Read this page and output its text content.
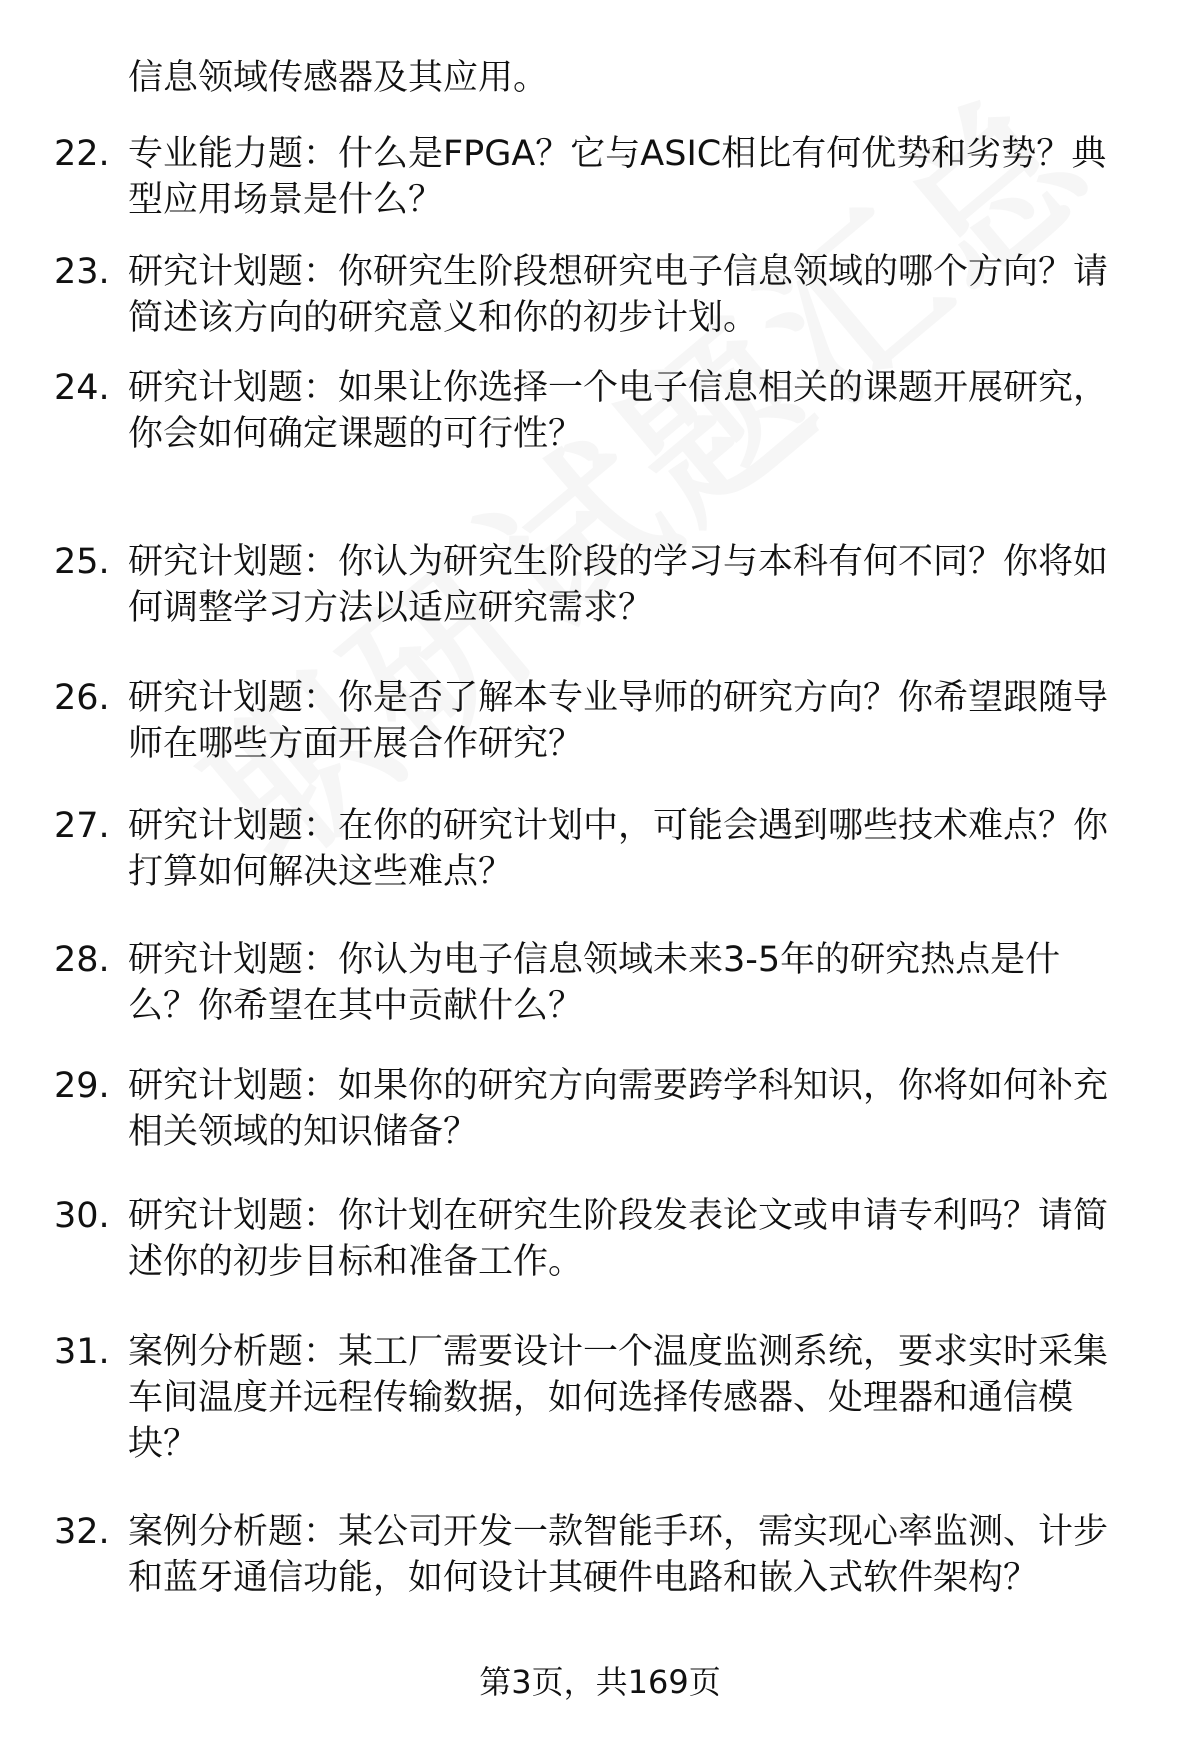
信息领域传感器及其应用。
22. 专业能力题：什么是FPGA？它与ASIC相比有何优势和劣势？典
型应用场景是什么？
23. 研究计划题：你研究生阶段想研究电子信息领域的哪个方向？请
简述该方向的研究意义和你的初步计划。
24. 研究计划题：如果让你选择一个电子信息相关的课题开展研究，
你会如何确定课题的可行性？
25. 研究计划题：你认为研究生阶段的学习与本科有何不同？你将如
何调整学习方法以适应研究需求？
26. 研究计划题：你是否了解本专业导师的研究方向？你希望跟随导
师在哪些方面开展合作研究？
27. 研究计划题：在你的研究计划中，可能会遇到哪些技术难点？你
打算如何解决这些难点？
28. 研究计划题：你认为电子信息领域未来3-5年的研究热点是什
么？你希望在其中贡献什么？
29. 研究计划题：如果你的研究方向需要跨学科知识，你将如何补充
相关领域的知识储备？
30. 研究计划题：你计划在研究生阶段发表论文或申请专利吗？请简
述你的初步目标和准备工作。
31. 案例分析题：某工厂需要设计一个温度监测系统，要求实时采集
车间温度并远程传输数据，如何选择传感器、处理器和通信模
块？
32. 案例分析题：某公司开发一款智能手环，需实现心率监测、计步
和蓝牙通信功能，如何设计其硬件电路和嵌入式软件架构？
第3页，共169页
